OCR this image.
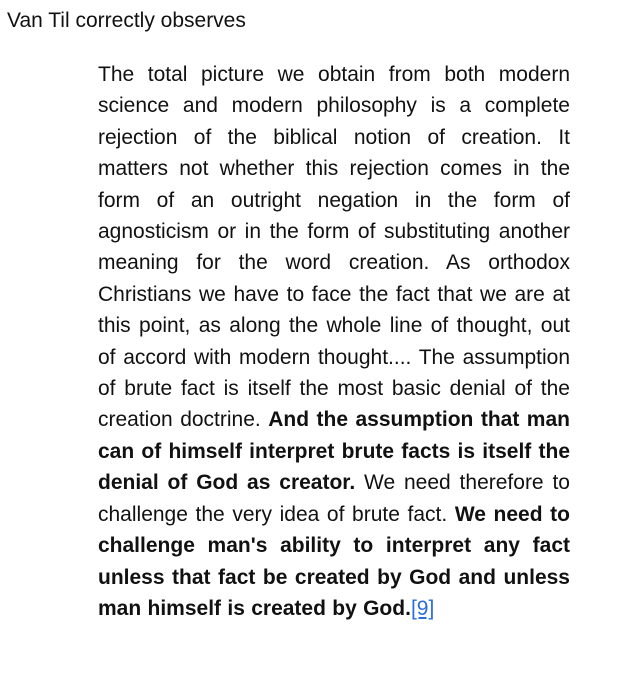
Van Til correctly observes

The total picture we obtain from both modern science and modern philosophy is a complete rejection of the biblical notion of creation. It matters not whether this rejection comes in the form of an outright negation in the form of agnosticism or in the form of substituting another meaning for the word creation. As orthodox Christians we have to face the fact that we are at this point, as along the whole line of thought, out of accord with modern thought.... The assumption of brute fact is itself the most basic denial of the creation doctrine. And the assumption that man can of himself interpret brute facts is itself the denial of God as creator. We need therefore to challenge the very idea of brute fact. We need to challenge man's ability to interpret any fact unless that fact be created by God and unless man himself is created by God.[9]
